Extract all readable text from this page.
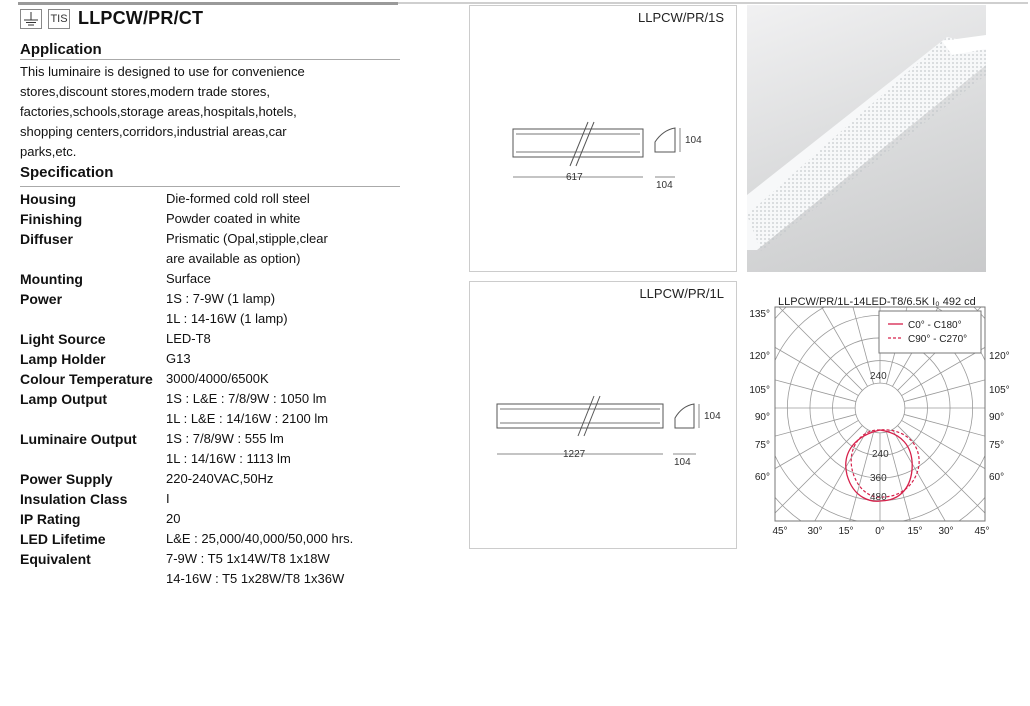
TIS LLPCW/PR/CT
Application
This luminaire is designed to use for convenience
stores,discount stores,modern trade stores,
factories,schools,storage areas,hospitals,hotels,
shopping centers,corridors,industrial areas,car
parks,etc.
Specification
Housing	Die-formed cold roll steel
Finishing	Powder coated in white
Diffuser	Prismatic (Opal,stipple,clear
are available as option)
Mounting	Surface
Power	1S : 7-9W (1 lamp)
1L : 14-16W (1 lamp)
Light Source	LED-T8
Lamp Holder	G13
Colour Temperature	3000/4000/6500K
Lamp Output	1S : L&E : 7/8/9W : 1050 lm
1L : L&E : 14/16W : 2100 lm
Luminaire Output	1S : 7/8/9W : 555 lm
1L : 14/16W : 1113 lm
Power Supply	220-240VAC,50Hz
Insulation Class	I
IP Rating	20
LED Lifetime	L&E : 25,000/40,000/50,000 hrs.
Equivalent	7-9W : T5 1x14W/T8 1x18W
14-16W : T5 1x28W/T8 1x36W
LLPCW/PR/1S
617
104
104
LLPCW/PR/1L
1227
104
104
LLPCW/PR/1L-14LED-T8/6.5K I₀ 492 cd
C0° - C180°
C90° - C270°
240
240
360
480
135°
120°
105°
90°
75°
60°
120°
105°
90°
75°
60°
45° 30° 15° 0° 15° 30° 45°
